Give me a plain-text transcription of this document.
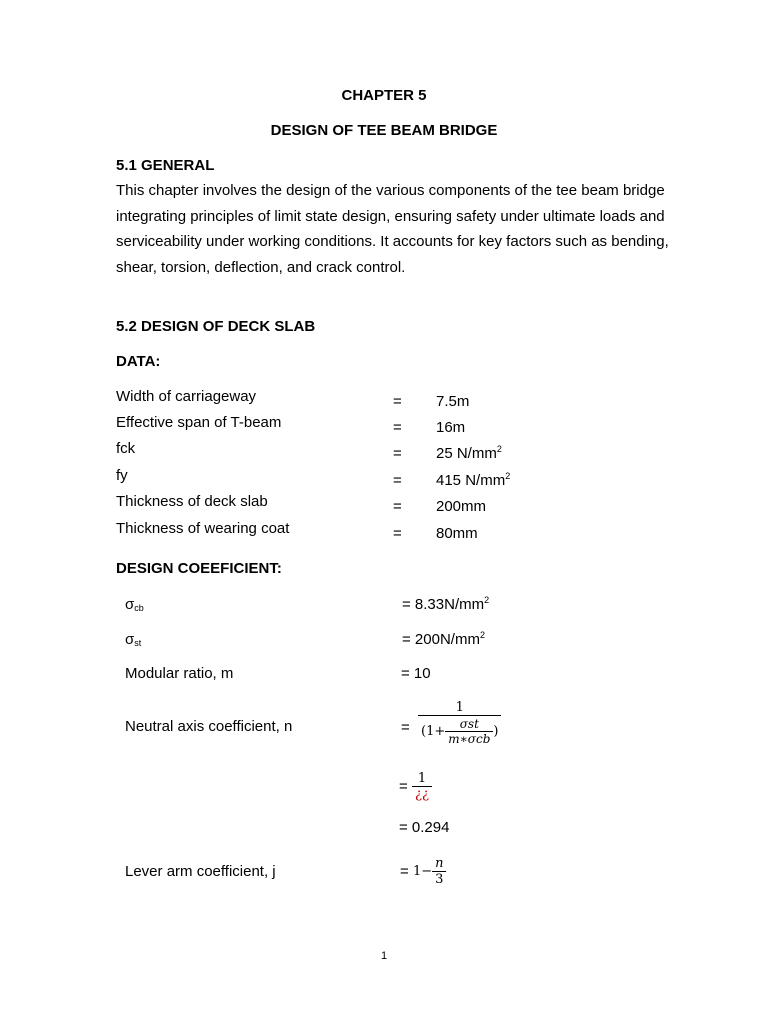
CHAPTER 5
DESIGN OF TEE BEAM BRIDGE
5.1 GENERAL
This chapter involves the design of the various components of the tee beam bridge integrating principles of limit state design, ensuring safety under ultimate loads and serviceability under working conditions. It accounts for key factors such as bending, shear, torsion, deflection, and crack control.
5.2 DESIGN OF DECK SLAB
DATA:
Width of carriageway	= 7.5m
Effective span of T-beam	= 16m
fck	= 25 $N/mm^2$
fy	= 415 $N/mm^2$
Thickness of deck slab	= 200mm
Thickness of wearing coat	= 80mm
DESIGN COEEFICIENT:
$\sigma_{cb}$	= $8.33N/mm^2$
$\sigma_{st}$	= $200N/mm^2$
Modular ratio, m	= 10
Neutral axis coefficient, n	= $\frac{1}{(1+ \frac{\text{σst}}{\text{m∗σcb}} )}$
= $\frac{1}{¿¿}$
= 0.294
Lever arm coefficient, j	= $1- \frac{n}{3}$
1
